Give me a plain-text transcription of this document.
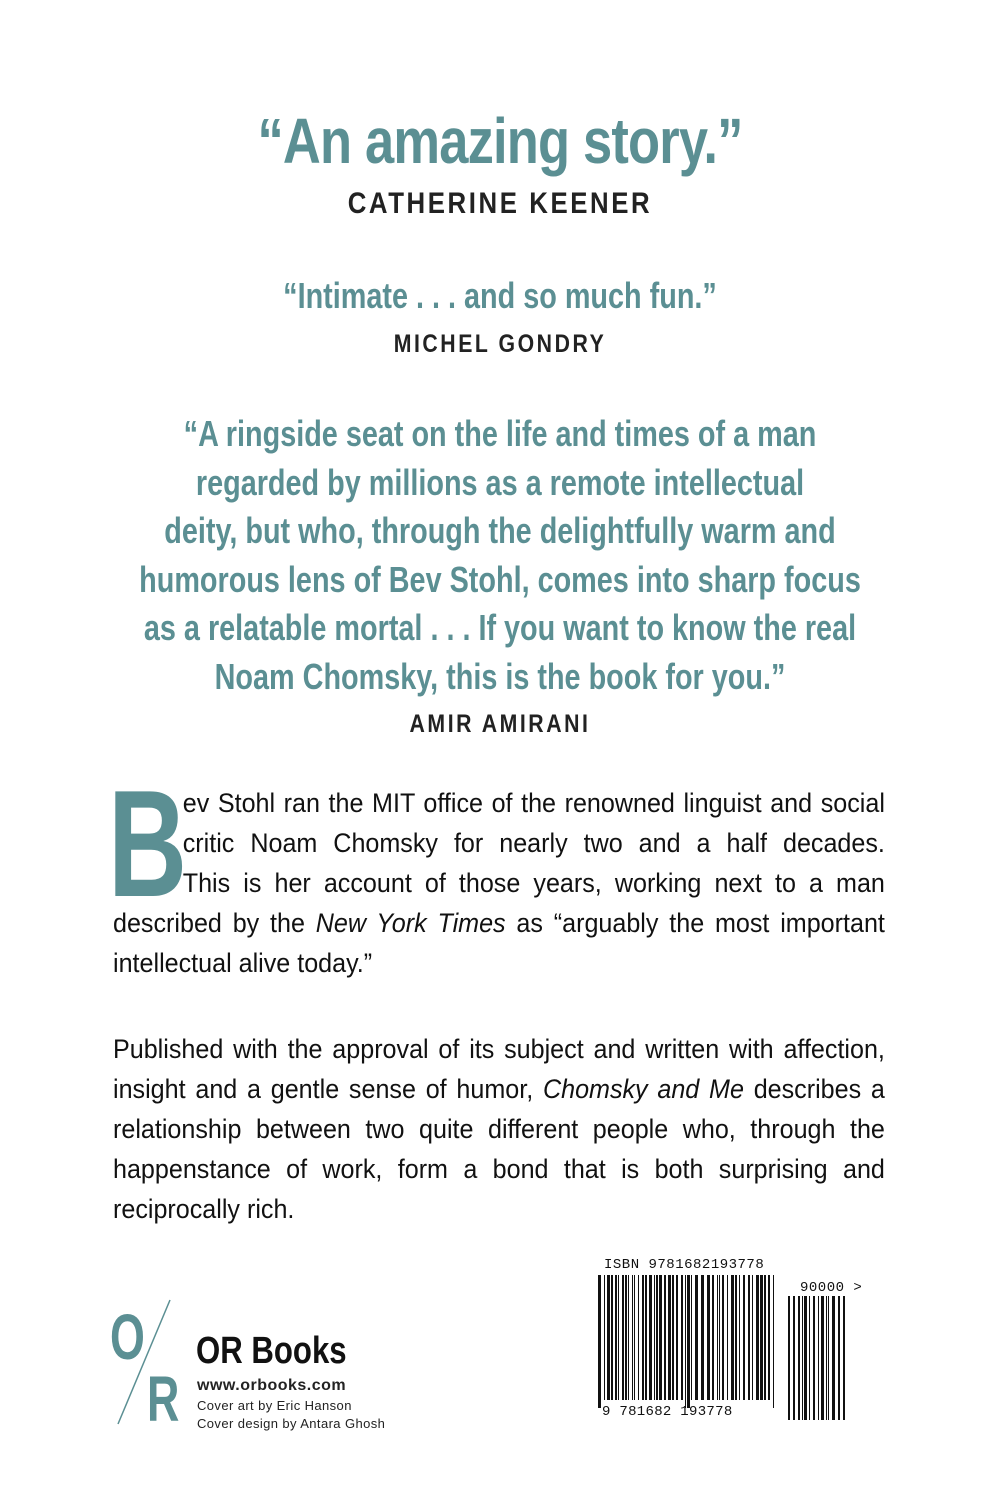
“An amazing story.”
CATHERINE KEENER
“Intimate . . . and so much fun.”
MICHEL GONDRY
“A ringside seat on the life and times of a man
regarded by millions as a remote intellectual
deity, but who, through the delightfully warm and
humorous lens of Bev Stohl, comes into sharp focus
as a relatable mortal . . . If you want to know the real
Noam Chomsky, this is the book for you.”
AMIR AMIRANI
B
ev Stohl ran the MIT office of the renowned linguist and social
critic Noam Chomsky for nearly two and a half decades.
This is her account of those years, working next to a man
described by the New York Times as “arguably the most important
intellectual alive today.”
Published with the approval of its subject and written with affection,
insight and a gentle sense of humor, Chomsky and Me describes a
relationship between two quite different people who, through the
happenstance of work, form a bond that is both surprising and
reciprocally rich.
O
R
OR Books
www.orbooks.com
Cover art by Eric Hanson
Cover design by Antara Ghosh
ISBN 9781682193778
90000 >
9 781682 193778
